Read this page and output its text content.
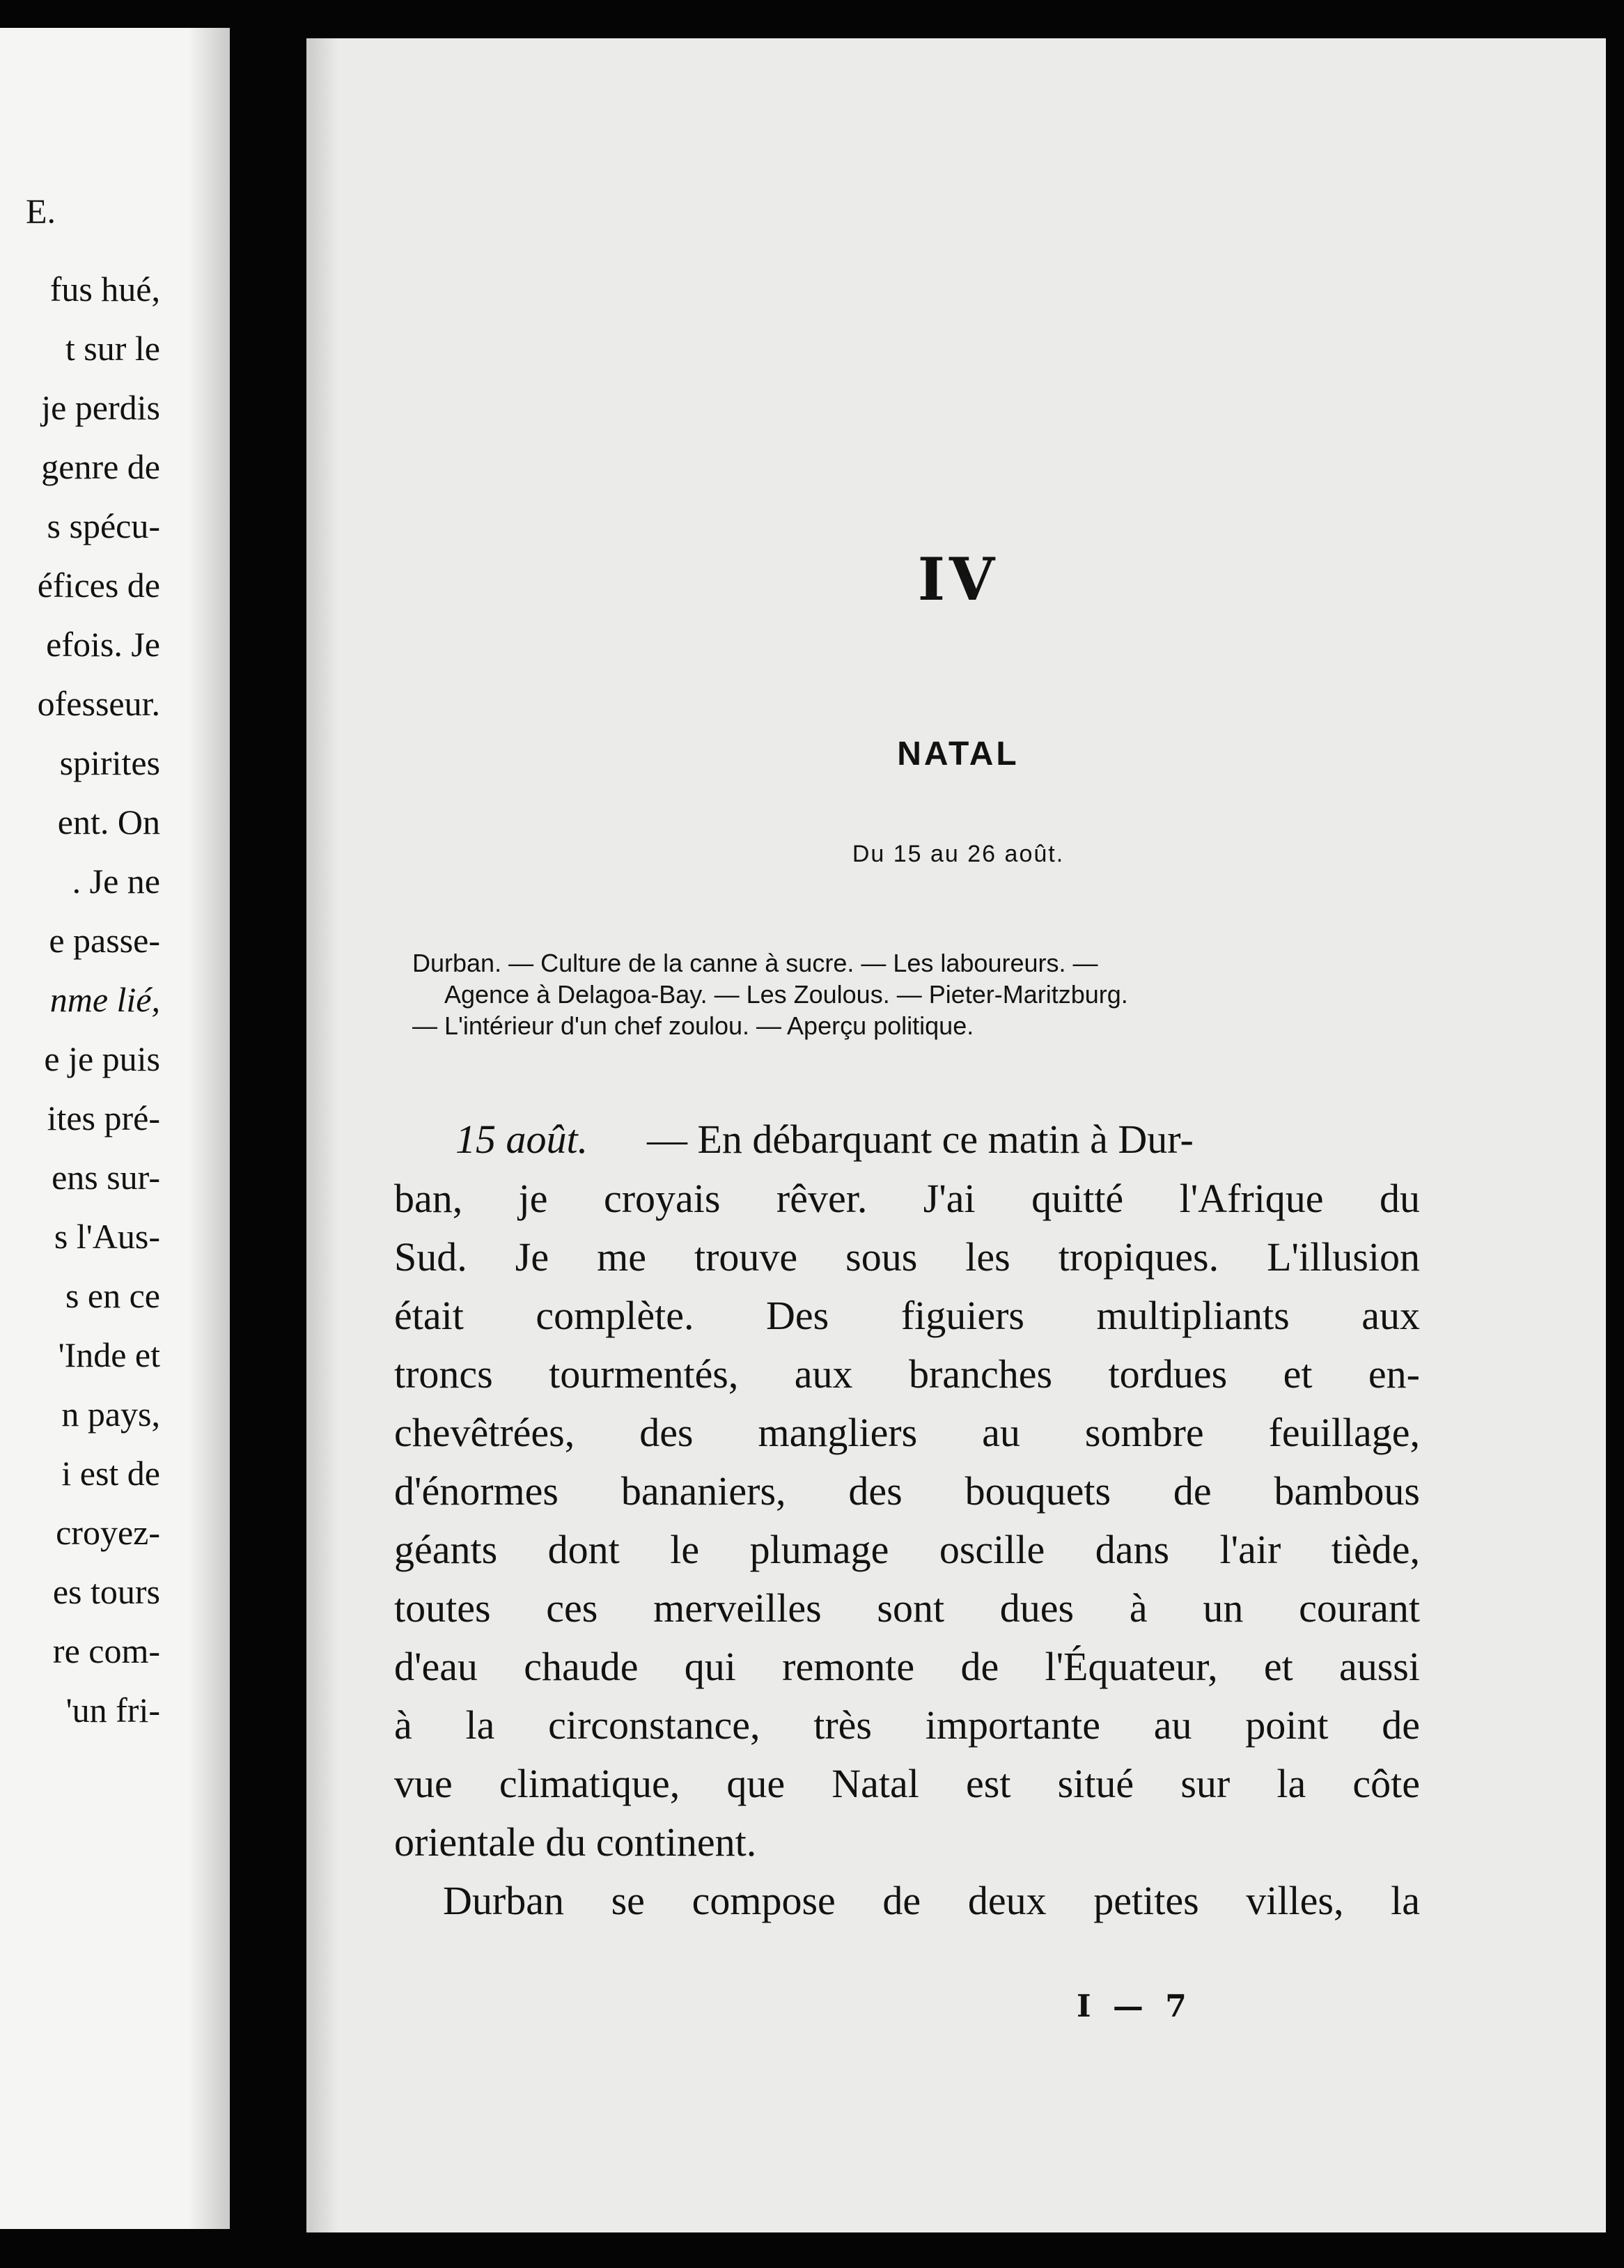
E.

fus hué,

t sur le

je perdis

genre de

s spécu-

éfices de

efois. Je

ofesseur.

spirites

ent. On

. Je ne

e passe-

nme lié,

e je puis

ites pré-

ens sur-

s l'Aus-

s en ce

'Inde et

n pays,

i est de

croyez-

es tours

re com-

'un fri-

IV
NATAL

Du 15 au 26 août.

Durban. — Culture de la canne à sucre. — Les laboureurs. —
Agence à Delagoa-Bay. — Les Zoulous. — Pieter-Maritzburg.
— L'intérieur d'un chef zoulou. — Aperçu politique.

15 août. — En débarquant ce matin à Dur-

ban, je croyais rêver. J'ai quitté l'Afrique du

Sud. Je me trouve sous les tropiques. L'illusion

était complète. Des figuiers multipliants aux

troncs tourmentés, aux branches tordues et en-

chevêtrées, des mangliers au sombre feuillage,

d'énormes bananiers, des bouquets de bambous

géants dont le plumage oscille dans l'air tiède,

toutes ces merveilles sont dues à un courant

d'eau chaude qui remonte de l'Équateur, et aussi

à la circonstance, très importante au point de

vue climatique, que Natal est situé sur la côte

orientale du continent.

Durban se compose de deux petites villes, la

I — 7
